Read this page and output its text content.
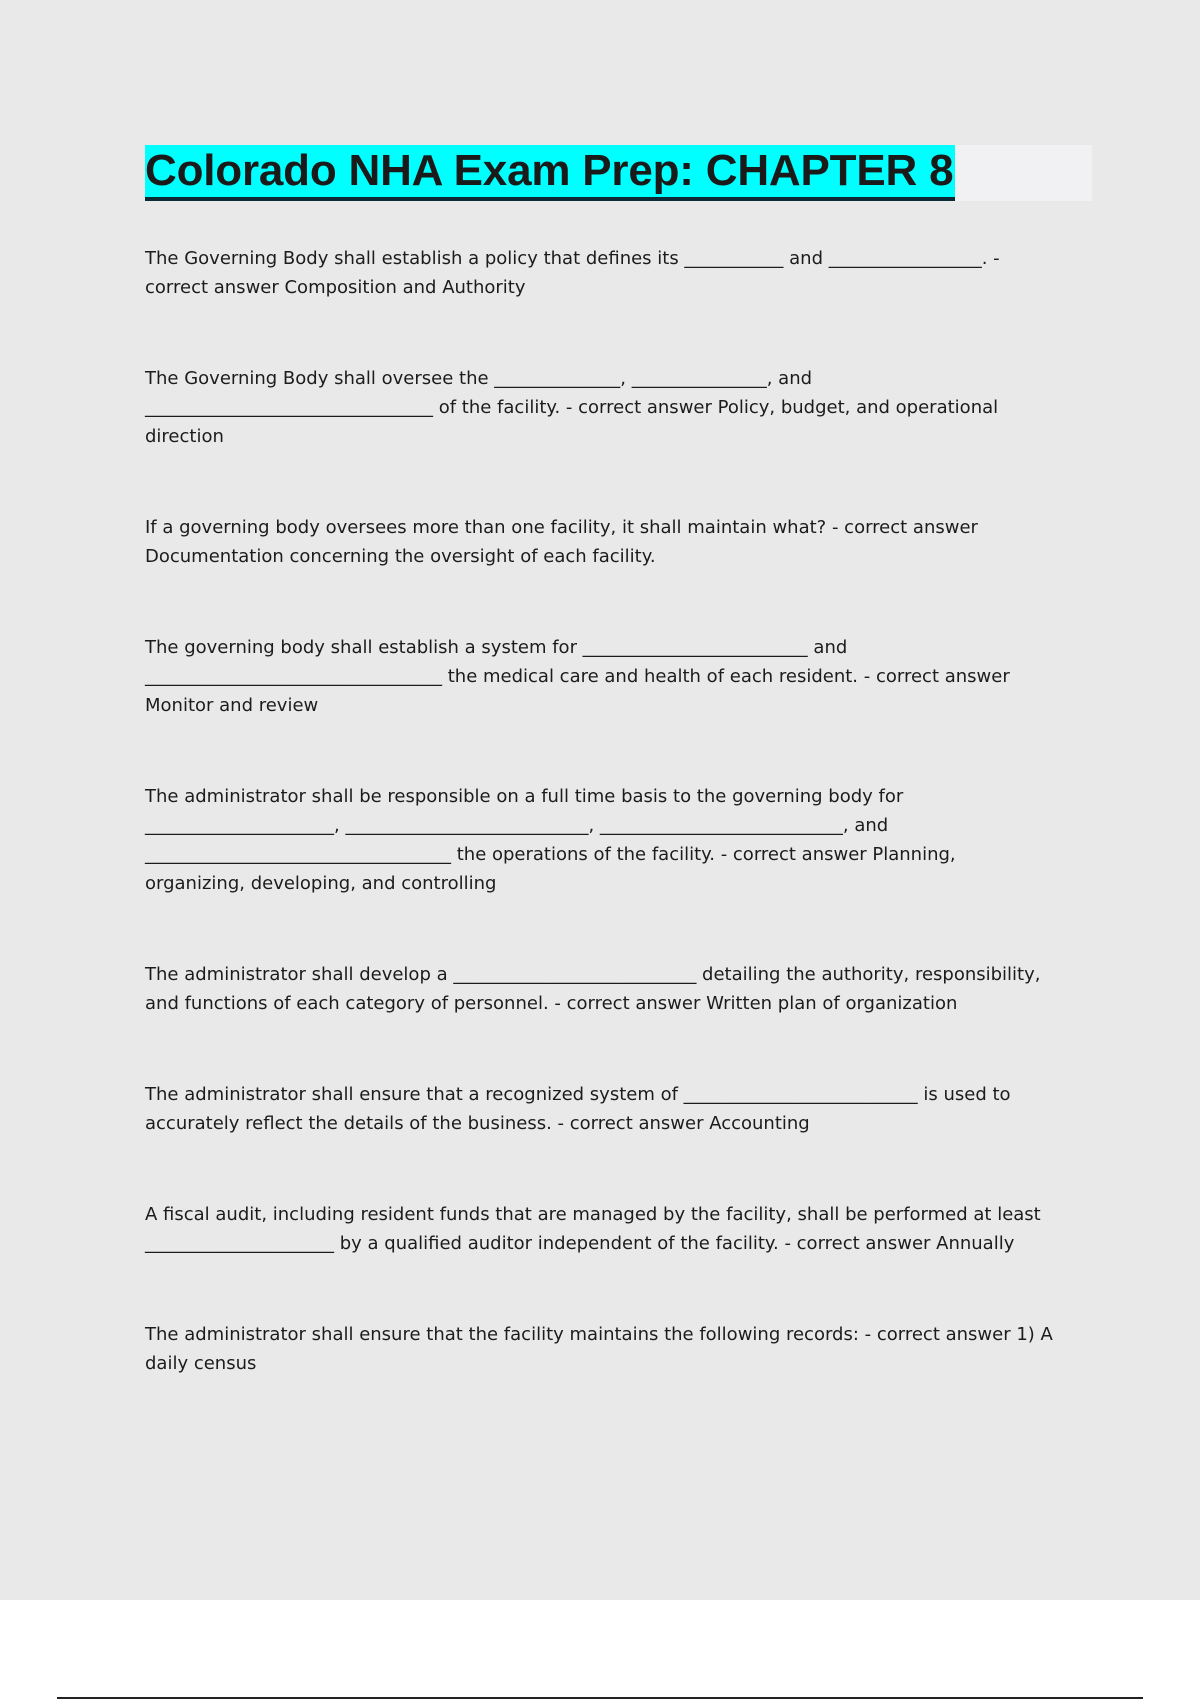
Colorado NHA Exam Prep: CHAPTER 8

The Governing Body shall establish a policy that defines its ___________ and _________________. - correct answer Composition and Authority

The Governing Body shall oversee the ______________, _______________, and ________________________________ of the facility. - correct answer Policy, budget, and operational direction

If a governing body oversees more than one facility, it shall maintain what? - correct answer Documentation concerning the oversight of each facility.

The governing body shall establish a system for _________________________ and _________________________________ the medical care and health of each resident. - correct answer Monitor and review

The administrator shall be responsible on a full time basis to the governing body for _____________________, ___________________________, ___________________________, and __________________________________ the operations of the facility. - correct answer Planning, organizing, developing, and controlling

The administrator shall develop a ___________________________ detailing the authority, responsibility, and functions of each category of personnel. - correct answer Written plan of organization

The administrator shall ensure that a recognized system of __________________________ is used to accurately reflect the details of the business. - correct answer Accounting

A fiscal audit, including resident funds that are managed by the facility, shall be performed at least _____________________ by a qualified auditor independent of the facility. - correct answer Annually

The administrator shall ensure that the facility maintains the following records: - correct answer 1) A daily census
